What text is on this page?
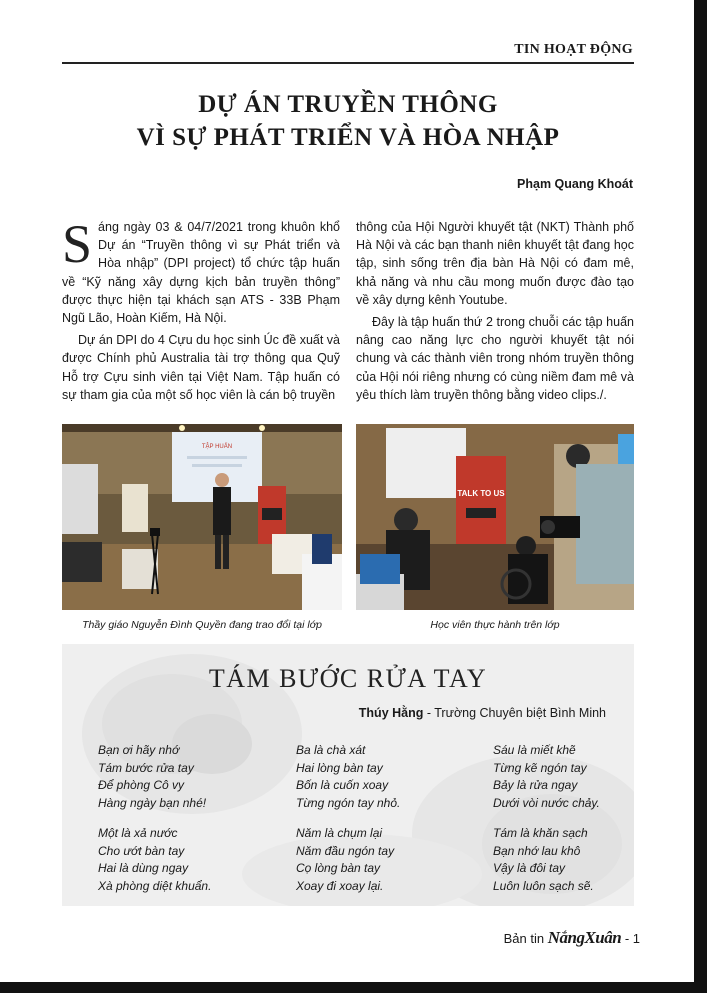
TIN HOẠT ĐỘNG
DỰ ÁN TRUYỀN THÔNG
VÌ SỰ PHÁT TRIỂN VÀ HÒA NHẬP
Phạm Quang Khoát

Sáng ngày 03 & 04/7/2021 trong khuôn khổ Dự án “Truyền thông vì sự Phát triển và Hòa nhập” (DPI project) tổ chức tập huấn về “Kỹ năng xây dựng kịch bản truyền thông” được thực hiện tại khách sạn ATS - 33B Phạm Ngũ Lão, Hoàn Kiếm, Hà Nội.

Dự án DPI do 4 Cựu du học sinh Úc đề xuất và được Chính phủ Australia tài trợ thông qua Quỹ Hỗ trợ Cựu sinh viên tại Việt Nam. Tập huấn có sự tham gia của một số học viên là cán bộ truyền

thông của Hội Người khuyết tật (NKT) Thành phố Hà Nội và các bạn thanh niên khuyết tật đang học tập, sinh sống trên địa bàn Hà Nội có đam mê, khả năng và nhu cầu mong muốn được đào tạo về xây dựng kênh Youtube.

Đây là tập huấn thứ 2 trong chuỗi các tập huấn nâng cao năng lực cho người khuyết tật nói chung và các thành viên trong nhóm truyền thông của Hội nói riêng nhưng có cùng niềm đam mê và yêu thích làm truyền thông bằng video clips./.

TẬP HUẤN
TALK TO US
Thầy giáo Nguyễn Đình Quyền đang trao đổi tại lớp	Học viên thực hành trên lớp
TÁM BƯỚC RỬA TAY
Thúy Hằng - Trường Chuyên biệt Bình Minh
Bạn ơi hãy nhớ
Tám bước rửa tay
Để phòng Cô vy
Hàng ngày bạn nhé!
Một là xả nước
Cho ướt bàn tay
Hai là dùng ngay
Xà phòng diệt khuẩn.
Ba là chà xát
Hai lòng bàn tay
Bốn là cuốn xoay
Từng ngón tay nhỏ.
Năm là chụm lại
Năm đầu ngón tay
Cọ lòng bàn tay
Xoay đi xoay lại.
Sáu là miết khẽ
Từng kẽ ngón tay
Bảy là rửa ngay
Dưới vòi nước chảy.
Tám là khăn sạch
Bạn nhớ lau khô
Vậy là đôi tay
Luôn luôn sạch sẽ.
Bản tin NắngXuân - 1
